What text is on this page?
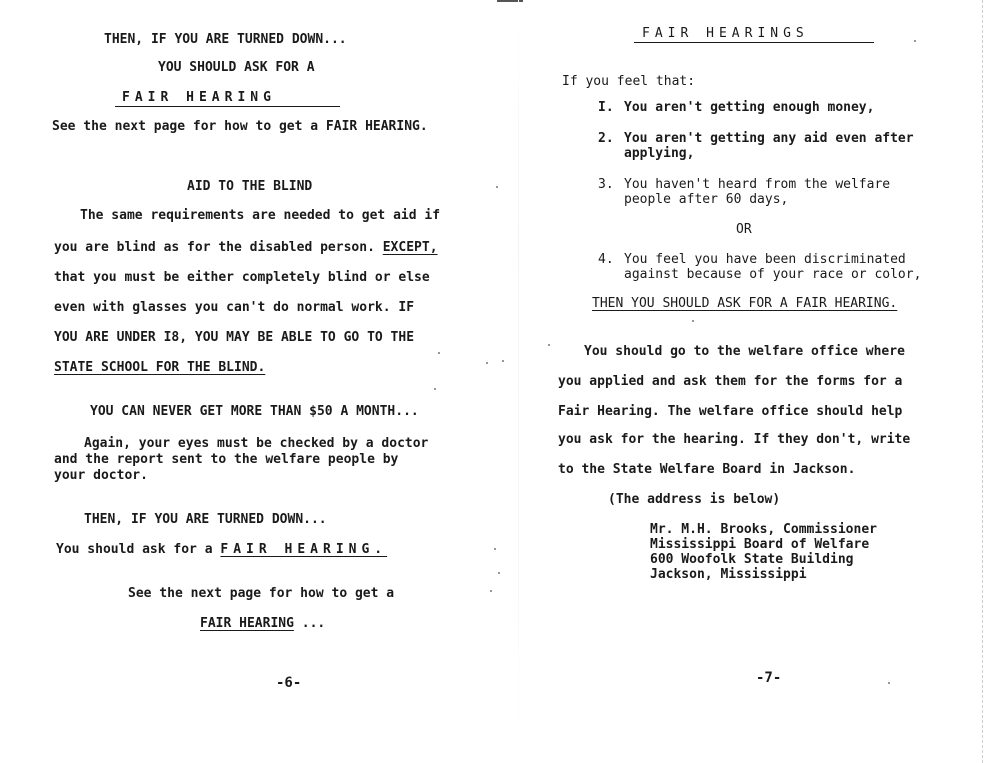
THEN, IF YOU ARE TURNED DOWN...
YOU SHOULD ASK FOR A
FAIR HEARING
See the next page for how to get a FAIR HEARING.
AID TO THE BLIND
The same requirements are needed to get aid if
you are blind as for the disabled person. EXCEPT,
that you must be either completely blind or else
even with glasses you can't do normal work. IF
YOU ARE UNDER I8, YOU MAY BE ABLE TO GO TO THE
STATE SCHOOL FOR THE BLIND.
YOU CAN NEVER GET MORE THAN $50 A MONTH...
Again, your eyes must be checked by a doctor
and the report sent to the welfare people by
your doctor.
THEN, IF YOU ARE TURNED DOWN...
You should ask for a FAIR HEARING.
See the next page for how to get a
FAIR HEARING ...
-6-
FAIR HEARINGS
If you feel that:
I. You aren't getting enough money,
2. You aren't getting any aid even after
applying,
3. You haven't heard from the welfare
people after 60 days,
OR
4. You feel you have been discriminated
against because of your race or color,
THEN YOU SHOULD ASK FOR A FAIR HEARING.
You should go to the welfare office where
you applied and ask them for the forms for a
Fair Hearing. The welfare office should help
you ask for the hearing. If they don't, write
to the State Welfare Board in Jackson.
(The address is below)
Mr. M.H. Brooks, Commissioner
Mississippi Board of Welfare
600 Woofolk State Building
Jackson, Mississippi
-7-
